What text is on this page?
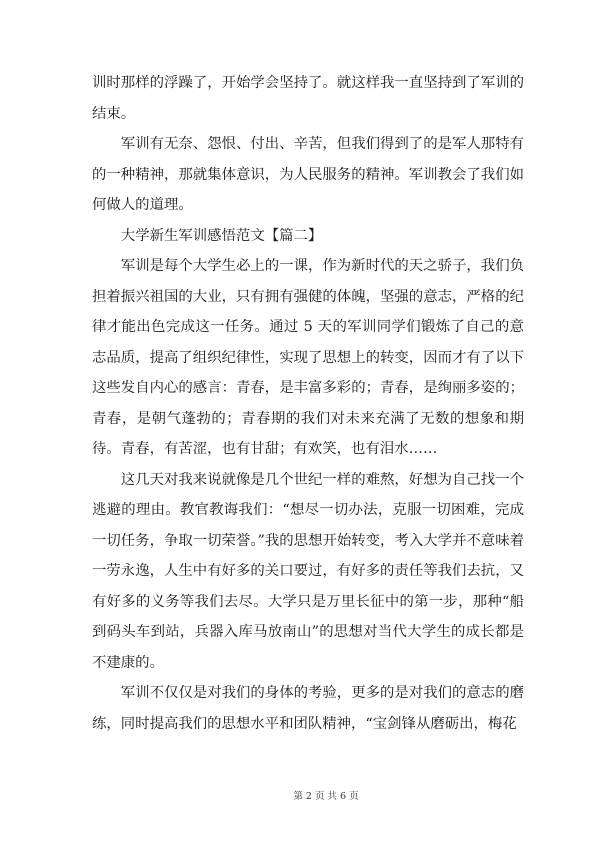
训时那样的浮躁了，开始学会坚持了。就这样我一直坚持到了军训的结束。

军训有无奈、怨恨、付出、辛苦，但我们得到了的是军人那特有的一种精神，那就集体意识，为人民服务的精神。军训教会了我们如何做人的道理。

大学新生军训感悟范文【篇二】

军训是每个大学生必上的一课，作为新时代的天之骄子，我们负担着振兴祖国的大业，只有拥有强健的体魄，坚强的意志，严格的纪律才能出色完成这一任务。通过 5 天的军训同学们锻炼了自己的意志品质，提高了组织纪律性，实现了思想上的转变，因而才有了以下这些发自内心的感言：青春，是丰富多彩的；青春，是绚丽多姿的；青春，是朝气蓬勃的；青春期的我们对未来充满了无数的想象和期待。青春，有苦涩，也有甘甜；有欢笑，也有泪水……

这几天对我来说就像是几个世纪一样的难熬，好想为自己找一个逃避的理由。教官教诲我们：“想尽一切办法，克服一切困难，完成一切任务，争取一切荣誉。”我的思想开始转变，考入大学并不意味着一劳永逸，人生中有好多的关口要过，有好多的责任等我们去抗，又有好多的义务等我们去尽。大学只是万里长征中的第一步，那种“船到码头车到站，兵器入库马放南山”的思想对当代大学生的成长都是不建康的。

军训不仅仅是对我们的身体的考验，更多的是对我们的意志的磨练，同时提高我们的思想水平和团队精神，“宝剑锋从磨砺出，梅花

第 2 页 共 6 页
